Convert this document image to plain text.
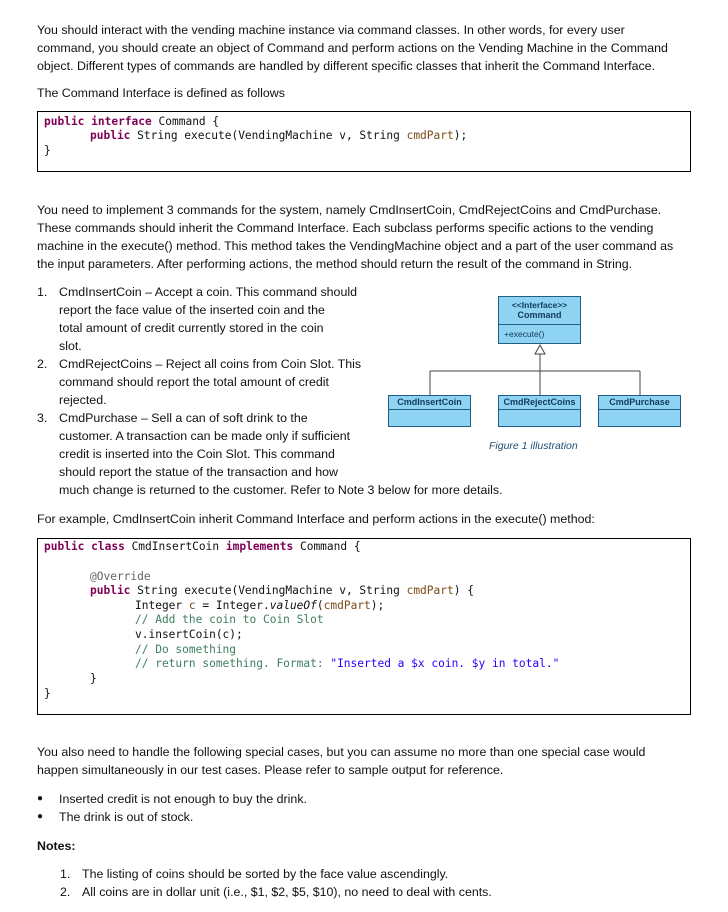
You should interact with the vending machine instance via command classes. In other words, for every user

command, you should create an object of Command and perform actions on the Vending Machine in the Command

object. Different types of commands are handled by different specific classes that inherit the Command Interface.

The Command Interface is defined as follows

public interface Command {
public String execute(VendingMachine v, String cmdPart);
}

You need to implement 3 commands for the system, namely CmdInsertCoin, CmdRejectCoins and CmdPurchase.

These commands should inherit the Command Interface. Each subclass performs specific actions to the vending

machine in the execute() method. This method takes the VendingMachine object and a part of the user command as

the input parameters. After performing actions, the method should return the result of the command in String.

1. CmdInsertCoin – Accept a coin. This command should
report the face value of the inserted coin and the
total amount of credit currently stored in the coin
slot.
2. CmdRejectCoins – Reject all coins from Coin Slot. This
command should report the total amount of credit
rejected.
3. CmdPurchase – Sell a can of soft drink to the
customer. A transaction can be made only if sufficient
credit is inserted into the Coin Slot. This command
should report the statue of the transaction and how
much change is returned to the customer. Refer to Note 3 below for more details.
<<Interface>>
Command
+execute()
CmdInsertCoin	CmdRejectCoins	CmdPurchase
Figure 1 illustration

For example, CmdInsertCoin inherit Command Interface and perform actions in the execute() method:

public class CmdInsertCoin implements Command {
@Override
public String execute(VendingMachine v, String cmdPart) {
Integer c = Integer.valueOf(cmdPart);
// Add the coin to Coin Slot
v.insertCoin(c);
// Do something
// return something. Format: "Inserted a $x coin. $y in total."
}
}

You also need to handle the following special cases, but you can assume no more than one special case would

happen simultaneously in our test cases. Please refer to sample output for reference.

● Inserted credit is not enough to buy the drink.
● The drink is out of stock.
Notes:
1. The listing of coins should be sorted by the face value ascendingly.
2. All coins are in dollar unit (i.e., $1, $2, $5, $10), no need to deal with cents.
